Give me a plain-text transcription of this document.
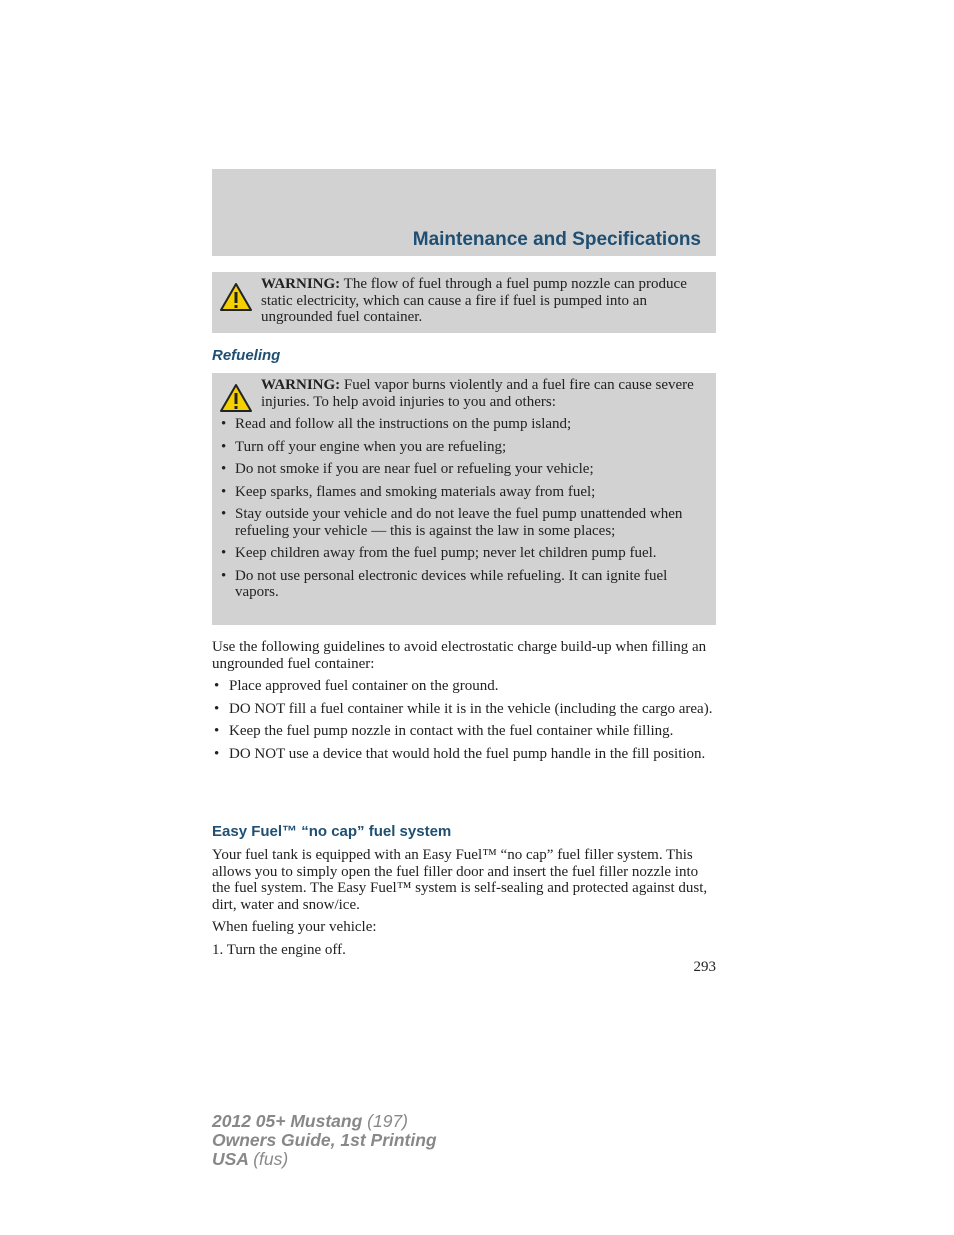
Maintenance and Specifications

WARNING: The flow of fuel through a fuel pump nozzle can produce static electricity, which can cause a fire if fuel is pumped into an ungrounded fuel container.

Refueling

WARNING: Fuel vapor burns violently and a fuel fire can cause severe injuries. To help avoid injuries to you and others:

• Read and follow all the instructions on the pump island;
• Turn off your engine when you are refueling;
• Do not smoke if you are near fuel or refueling your vehicle;
• Keep sparks, flames and smoking materials away from fuel;
• Stay outside your vehicle and do not leave the fuel pump unattended when refueling your vehicle — this is against the law in some places;
• Keep children away from the fuel pump; never let children pump fuel.
• Do not use personal electronic devices while refueling. It can ignite fuel vapors.

Use the following guidelines to avoid electrostatic charge build-up when filling an ungrounded fuel container:

• Place approved fuel container on the ground.
• DO NOT fill a fuel container while it is in the vehicle (including the cargo area).
• Keep the fuel pump nozzle in contact with the fuel container while filling.
• DO NOT use a device that would hold the fuel pump handle in the fill position.
Easy Fuel™ “no cap” fuel system

Your fuel tank is equipped with an Easy Fuel™ “no cap” fuel filler system. This allows you to simply open the fuel filler door and insert the fuel filler nozzle into the fuel system. The Easy Fuel™ system is self-sealing and protected against dust, dirt, water and snow/ice.

When fueling your vehicle:

1. Turn the engine off.

293
2012 05+ Mustang (197)
Owners Guide, 1st Printing
USA (fus)
